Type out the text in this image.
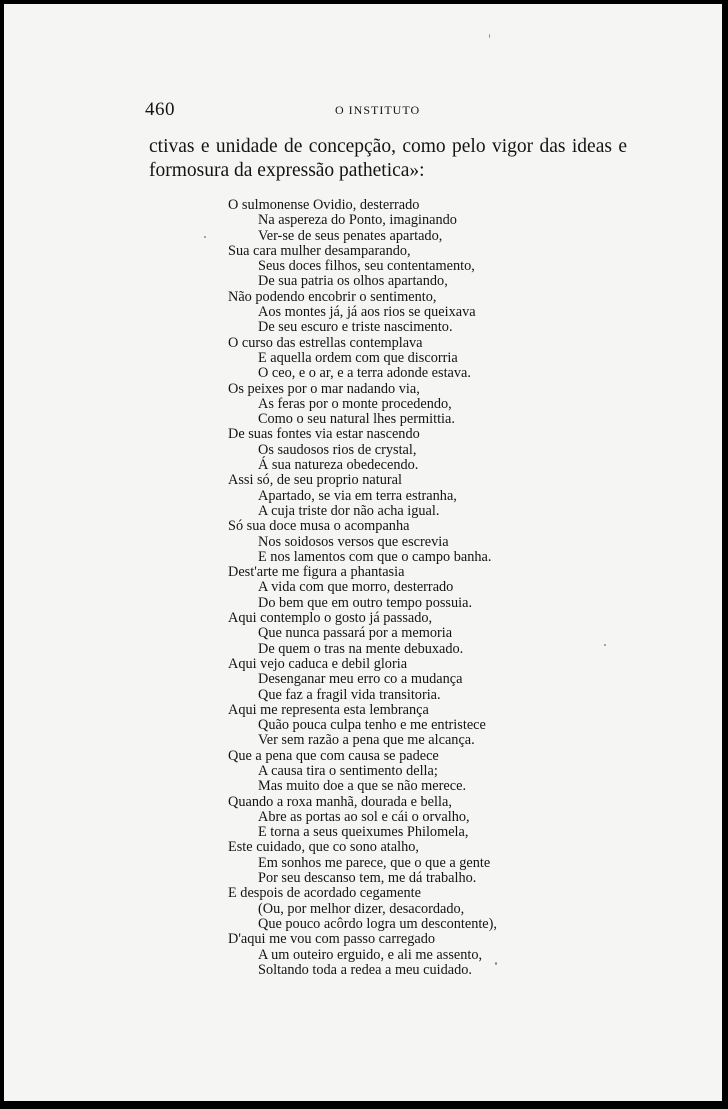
460	O INSTITUTO
ctivas e unidade de concepção, como pelo vigor das ideas e
formosura da expressão pathetica»:
O sulmonense Ovidio, desterrado
Na aspereza do Ponto, imaginando
Ver-se de seus penates apartado,
Sua cara mulher desamparando,
Seus doces filhos, seu contentamento,
De sua patria os olhos apartando,
Não podendo encobrir o sentimento,
Aos montes já, já aos rios se queixava
De seu escuro e triste nascimento.
O curso das estrellas contemplava
E aquella ordem com que discorria
O ceo, e o ar, e a terra adonde estava.
Os peixes por o mar nadando via,
As feras por o monte procedendo,
Como o seu natural lhes permittia.
De suas fontes via estar nascendo
Os saudosos rios de crystal,
Á sua natureza obedecendo.
Assi só, de seu proprio natural
Apartado, se via em terra estranha,
A cuja triste dor não acha igual.
Só sua doce musa o acompanha
Nos soidosos versos que escrevia
E nos lamentos com que o campo banha.
Dest'arte me figura a phantasia
A vida com que morro, desterrado
Do bem que em outro tempo possuia.
Aqui contemplo o gosto já passado,
Que nunca passará por a memoria
De quem o tras na mente debuxado.
Aqui vejo caduca e debil gloria
Desenganar meu erro co a mudança
Que faz a fragil vida transitoria.
Aqui me representa esta lembrança
Quão pouca culpa tenho e me entristece
Ver sem razão a pena que me alcança.
Que a pena que com causa se padece
A causa tira o sentimento della;
Mas muito doe a que se não merece.
Quando a roxa manhã, dourada e bella,
Abre as portas ao sol e cái o orvalho,
E torna a seus queixumes Philomela,
Este cuidado, que co sono atalho,
Em sonhos me parece, que o que a gente
Por seu descanso tem, me dá trabalho.
E despois de acordado cegamente
(Ou, por melhor dizer, desacordado,
Que pouco acôrdo logra um descontente),
D'aqui me vou com passo carregado
A um outeiro erguido, e ali me assento,
Soltando toda a redea a meu cuidado.
